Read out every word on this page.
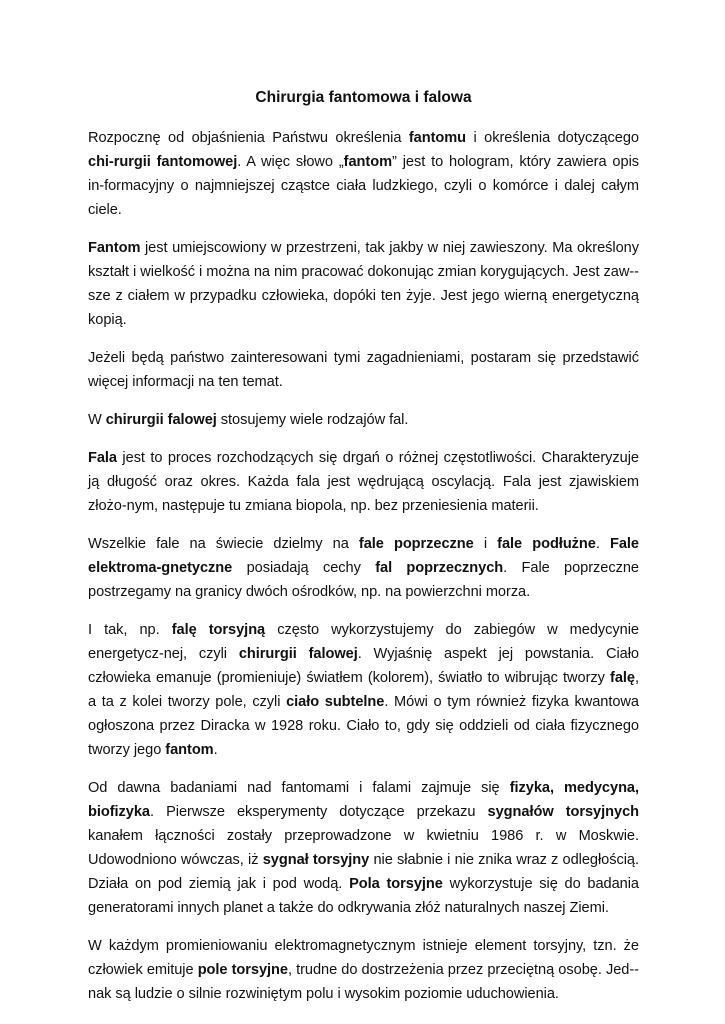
Chirurgia fantomowa i falowa

Rozpocznę od objaśnienia Państwu określenia fantomu i określenia dotyczącego chi-rurgii fantomowej. A więc słowo „fantom” jest to hologram, który zawiera opis in-formacyjny o najmniejszej cząstce ciała ludzkiego, czyli o komórce i dalej całym ciele.

Fantom jest umiejscowiony w przestrzeni, tak jakby w niej zawieszony. Ma określony kształt i wielkość i można na nim pracować dokonując zmian korygujących. Jest zaw-sze z ciałem w przypadku człowieka, dopóki ten żyje. Jest jego wierną energetyczną kopią.

Jeżeli będą państwo zainteresowani tymi zagadnieniami, postaram się przedstawić więcej informacji na ten temat.

W chirurgii falowej stosujemy wiele rodzajów fal.

Fala jest to proces rozchodzących się drgań o różnej częstotliwości. Charakteryzuje ją długość oraz okres. Każda fala jest wędrującą oscylacją. Fala jest zjawiskiem złożo-nym, następuje tu zmiana biopola, np. bez przeniesienia materii.

Wszelkie fale na świecie dzielmy na fale poprzeczne i fale podłużne. Fale elektroma-gnetyczne posiadają cechy fal poprzecznych. Fale poprzeczne postrzegamy na granicy dwóch ośrodków, np. na powierzchni morza.

I tak, np. falę torsyjną często wykorzystujemy do zabiegów w medycynie energetycz-nej, czyli chirurgii falowej. Wyjaśnię aspekt jej powstania. Ciało człowieka emanuje (promieniuje) światłem (kolorem), światło to wibrując tworzy falę, a ta z kolei tworzy pole, czyli ciało subtelne. Mówi o tym również fizyka kwantowa ogłoszona przez Diracka w 1928 roku. Ciało to, gdy się oddzieli od ciała fizycznego tworzy jego fantom.

Od dawna badaniami nad fantomami i falami zajmuje się fizyka, medycyna, biofizyka. Pierwsze eksperymenty dotyczące przekazu sygnałów torsyjnych kanałem łączności zostały przeprowadzone w kwietniu 1986 r. w Moskwie. Udowodniono wówczas, iż sygnał torsyjny nie słabnie i nie znika wraz z odległością. Działa on pod ziemią jak i pod wodą. Pola torsyjne wykorzystuje się do badania generatorami innych planet a także do odkrywania złóż naturalnych naszej Ziemi.

W każdym promieniowaniu elektromagnetycznym istnieje element torsyjny, tzn. że człowiek emituje pole torsyjne, trudne do dostrzeżenia przez przeciętną osobę. Jed-nak są ludzie o silnie rozwiniętym polu i wysokim poziomie uduchowienia.
